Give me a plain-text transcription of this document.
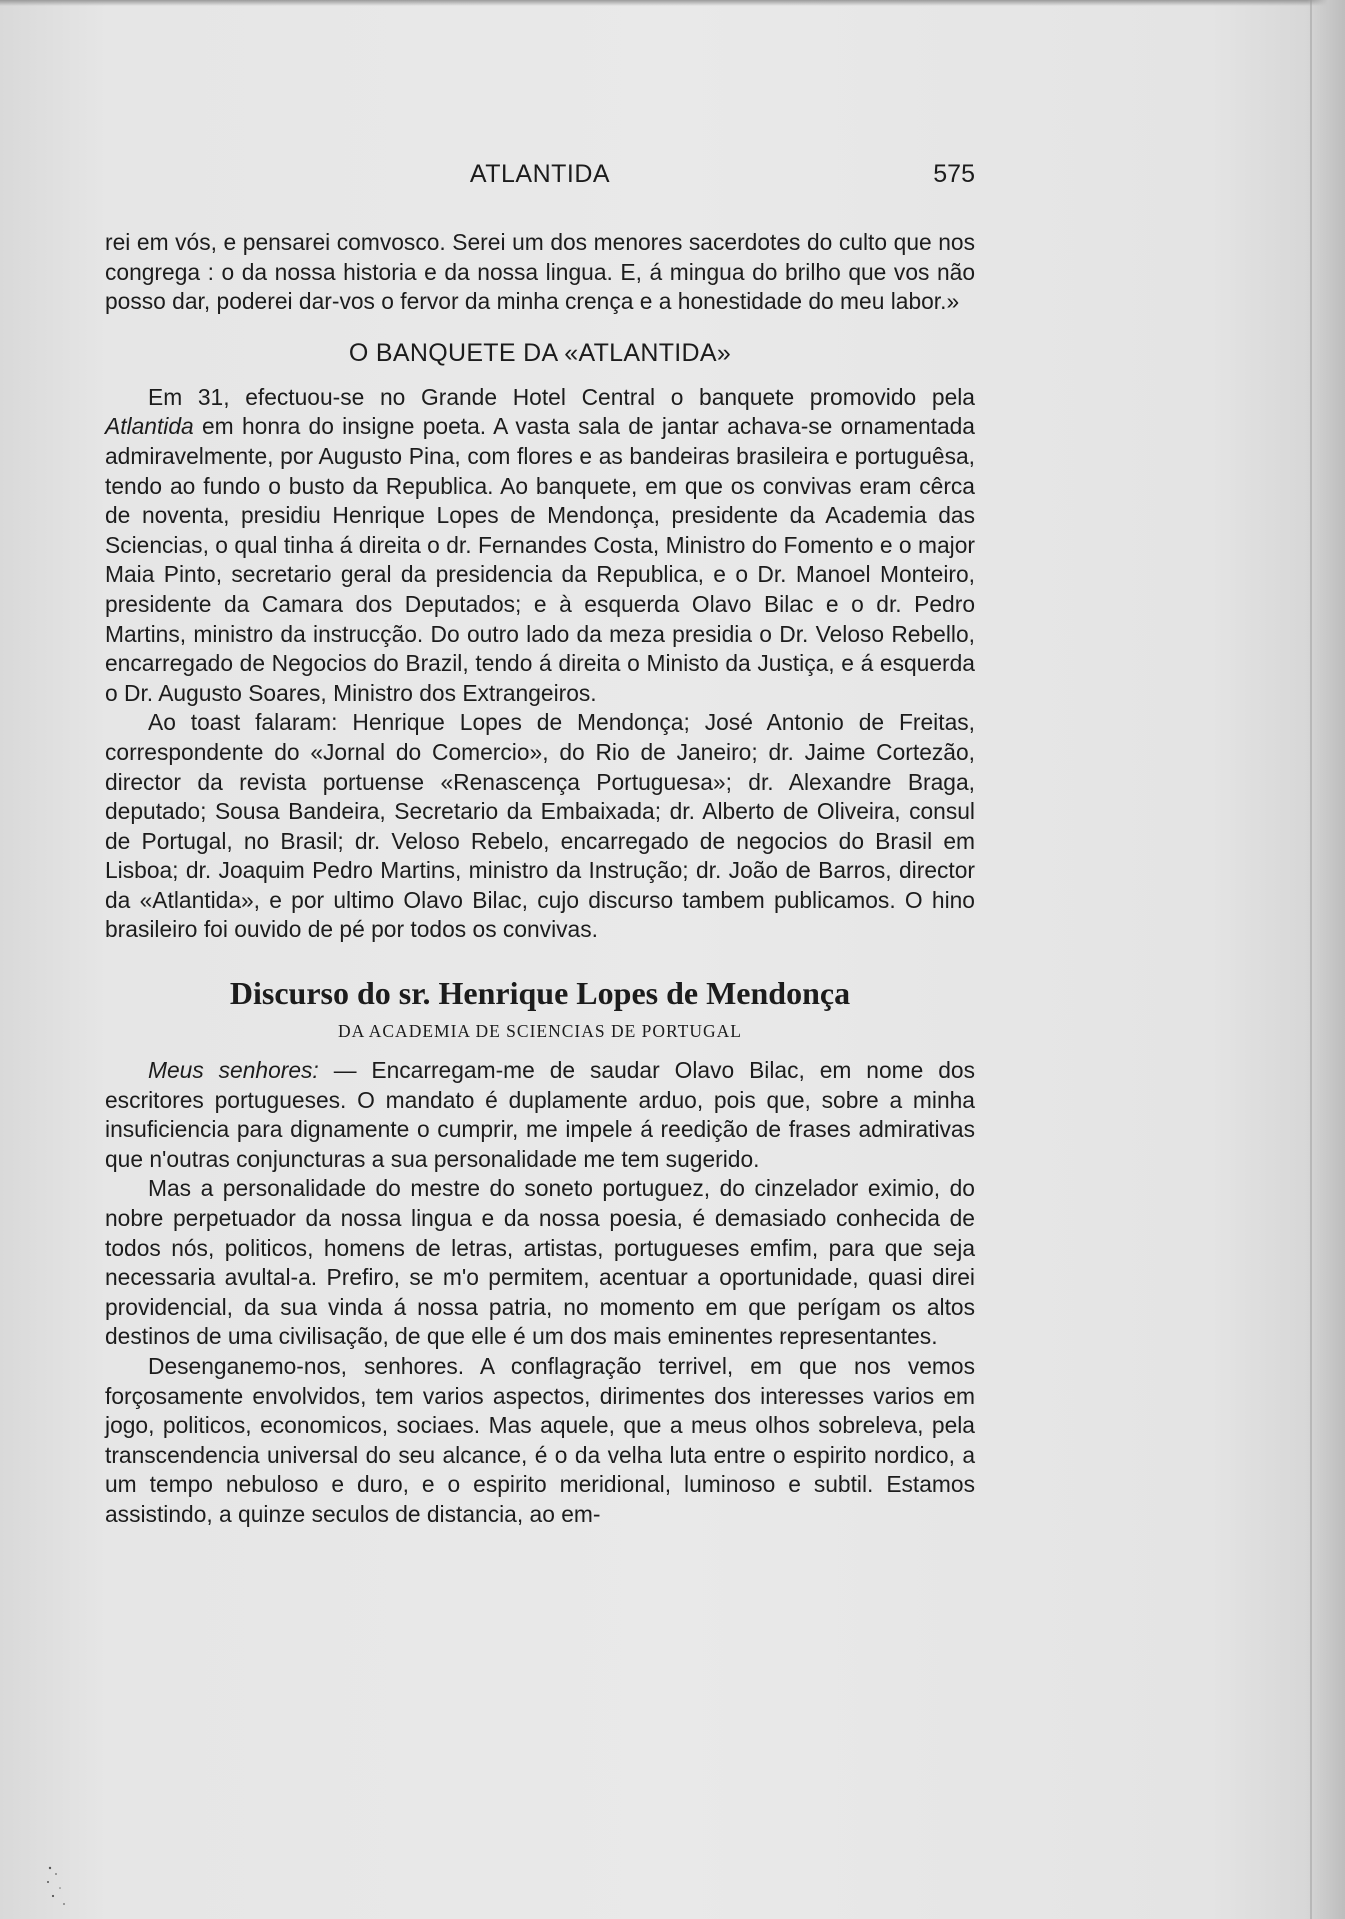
ATLANTIDA	575

rei em vós, e pensarei comvosco. Serei um dos menores sacerdotes do culto que nos congrega : o da nossa historia e da nossa lingua. E, á mingua do brilho que vos não posso dar, poderei dar-vos o fervor da minha crença e a honestidade do meu labor.»

O BANQUETE DA «ATLANTIDA»

Em 31, efectuou-se no Grande Hotel Central o banquete promovido pela Atlantida em honra do insigne poeta. A vasta sala de jantar achava-se ornamentada admiravelmente, por Augusto Pina, com flores e as bandeiras brasileira e portuguêsa, tendo ao fundo o busto da Republica. Ao banquete, em que os convivas eram cêrca de noventa, presidiu Henrique Lopes de Mendonça, presidente da Academia das Sciencias, o qual tinha á direita o dr. Fernandes Costa, Ministro do Fomento e o major Maia Pinto, secretario geral da presidencia da Republica, e o Dr. Manoel Monteiro, presidente da Camara dos Deputados; e à esquerda Olavo Bilac e o dr. Pedro Martins, ministro da instrucção. Do outro lado da meza presidia o Dr. Veloso Rebello, encarregado de Negocios do Brazil, tendo á direita o Ministo da Justiça, e á esquerda o Dr. Augusto Soares, Ministro dos Extrangeiros.

Ao toast falaram: Henrique Lopes de Mendonça; José Antonio de Freitas, correspondente do «Jornal do Comercio», do Rio de Janeiro; dr. Jaime Cortezão, director da revista portuense «Renascença Portuguesa»; dr. Alexandre Braga, deputado; Sousa Bandeira, Secretario da Embaixada; dr. Alberto de Oliveira, consul de Portugal, no Brasil; dr. Veloso Rebelo, encarregado de negocios do Brasil em Lisboa; dr. Joaquim Pedro Martins, ministro da Instrução; dr. João de Barros, director da «Atlantida», e por ultimo Olavo Bilac, cujo discurso tambem publicamos. O hino brasileiro foi ouvido de pé por todos os convivas.

Discurso do sr. Henrique Lopes de Mendonça
DA ACADEMIA DE SCIENCIAS DE PORTUGAL

Meus senhores: — Encarregam-me de saudar Olavo Bilac, em nome dos escritores portugueses. O mandato é duplamente arduo, pois que, sobre a minha insuficiencia para dignamente o cumprir, me impele á reedição de frases admirativas que n'outras conjuncturas a sua personalidade me tem sugerido.

Mas a personalidade do mestre do soneto portuguez, do cinzelador eximio, do nobre perpetuador da nossa lingua e da nossa poesia, é demasiado conhecida de todos nós, politicos, homens de letras, artistas, portugueses emfim, para que seja necessaria avultal-a. Prefiro, se m'o permitem, acentuar a oportunidade, quasi direi providencial, da sua vinda á nossa patria, no momento em que perígam os altos destinos de uma civilisação, de que elle é um dos mais eminentes representantes.

Desenganemo-nos, senhores. A conflagração terrivel, em que nos vemos forçosamente envolvidos, tem varios aspectos, dirimentes dos interesses varios em jogo, politicos, economicos, sociaes. Mas aquele, que a meus olhos sobreleva, pela transcendencia universal do seu alcance, é o da velha luta entre o espirito nordico, a um tempo nebuloso e duro, e o espirito meridional, luminoso e subtil. Estamos assistindo, a quinze seculos de distancia, ao em-
